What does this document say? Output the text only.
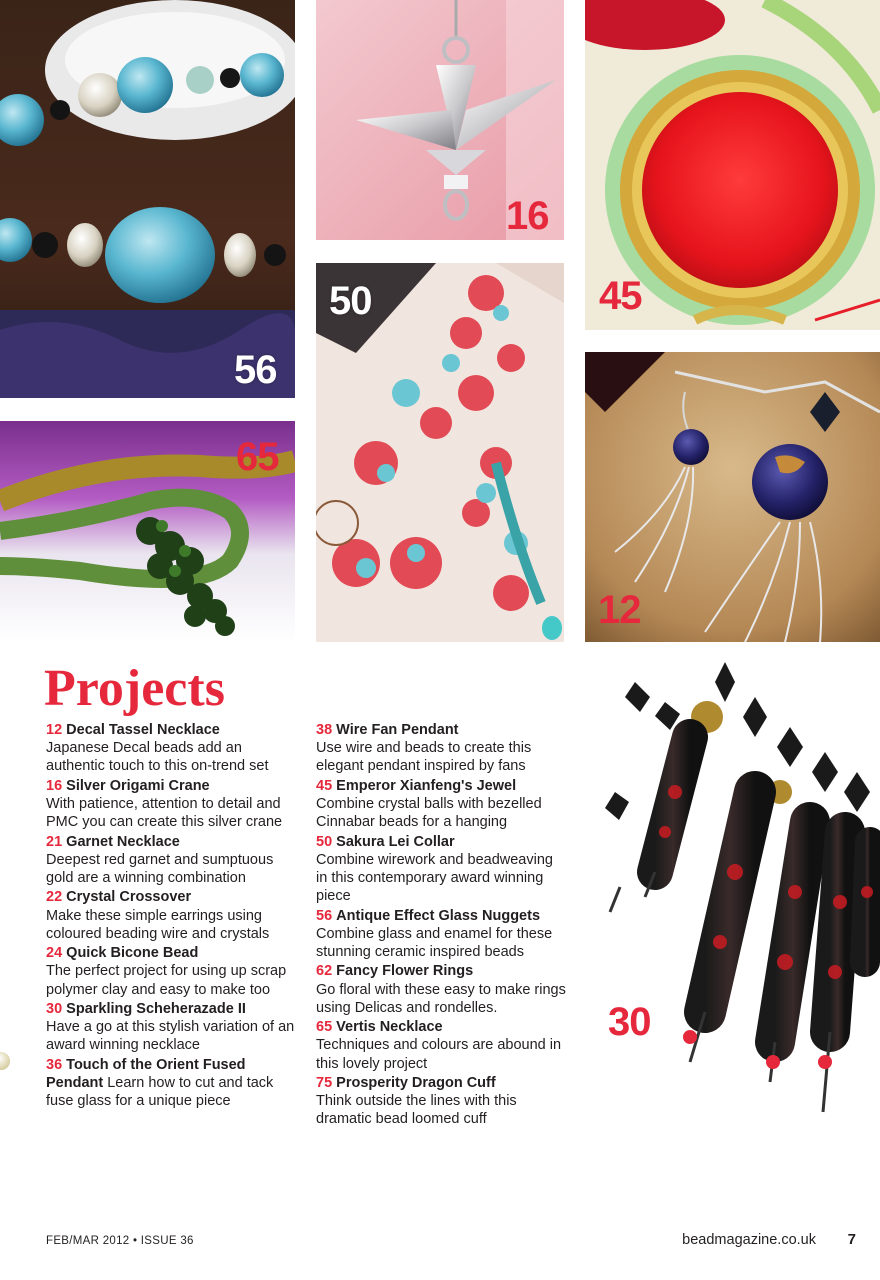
56
16
45
50
65
12
30
Projects
12 Decal Tassel Necklace
Japanese Decal beads add an authentic touch to this on-trend set
16 Silver Origami Crane
With patience, attention to detail and PMC you can create this silver crane
21 Garnet Necklace
Deepest red garnet and sumptuous gold are a winning combination
22 Crystal Crossover
Make these simple earrings using coloured beading wire and crystals
24 Quick Bicone Bead
The perfect project for using up scrap polymer clay and easy to make too
30 Sparkling Scheherazade II
Have a go at this stylish variation of an award winning necklace
36 Touch of the Orient Fused Pendant Learn how to cut and tack fuse glass for a unique piece
38 Wire Fan Pendant
Use wire and beads to create this elegant pendant inspired by fans
45 Emperor Xianfeng's Jewel
Combine crystal balls with bezelled Cinnabar beads for a hanging
50 Sakura Lei Collar
Combine wirework and beadweaving in this contemporary award winning piece
56 Antique Effect Glass Nuggets
Combine glass and enamel for these stunning ceramic inspired beads
62 Fancy Flower Rings
Go floral with these easy to make rings using Delicas and rondelles.
65 Vertis Necklace
Techniques and colours are abound in this lovely project
75 Prosperity Dragon Cuff
Think outside the lines with this dramatic bead loomed cuff
FEB/MAR 2012 • ISSUE 36	beadmagazine.co.uk 7
